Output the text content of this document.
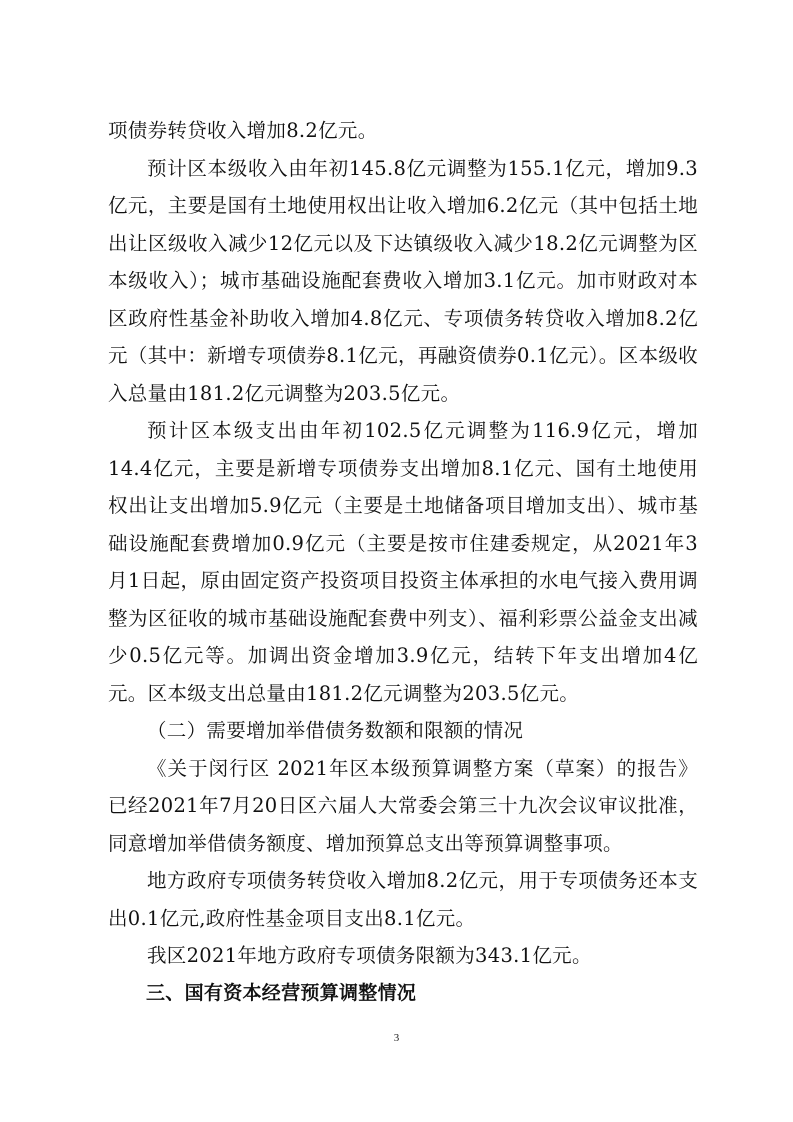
项债券转贷收入增加8.2亿元。

预计区本级收入由年初145.8亿元调整为155.1亿元，增加9.3亿元，主要是国有土地使用权出让收入增加6.2亿元（其中包括土地出让区级收入减少12亿元以及下达镇级收入减少18.2亿元调整为区本级收入）；城市基础设施配套费收入增加3.1亿元。加市财政对本区政府性基金补助收入增加4.8亿元、专项债务转贷收入增加8.2亿元（其中：新增专项债券8.1亿元，再融资债券0.1亿元）。区本级收入总量由181.2亿元调整为203.5亿元。

预计区本级支出由年初102.5亿元调整为116.9亿元，增加14.4亿元，主要是新增专项债券支出增加8.1亿元、国有土地使用权出让支出增加5.9亿元（主要是土地储备项目增加支出）、城市基础设施配套费增加0.9亿元（主要是按市住建委规定，从2021年3月1日起，原由固定资产投资项目投资主体承担的水电气接入费用调整为区征收的城市基础设施配套费中列支）、福利彩票公益金支出减少0.5亿元等。加调出资金增加3.9亿元，结转下年支出增加4亿元。区本级支出总量由181.2亿元调整为203.5亿元。

（二）需要增加举借债务数额和限额的情况

《关于闵行区 2021年区本级预算调整方案（草案）的报告》已经2021年7月20日区六届人大常委会第三十九次会议审议批准，同意增加举借债务额度、增加预算总支出等预算调整事项。

地方政府专项债务转贷收入增加8.2亿元，用于专项债务还本支出0.1亿元,政府性基金项目支出8.1亿元。

我区2021年地方政府专项债务限额为343.1亿元。

三、国有资本经营预算调整情况

3
